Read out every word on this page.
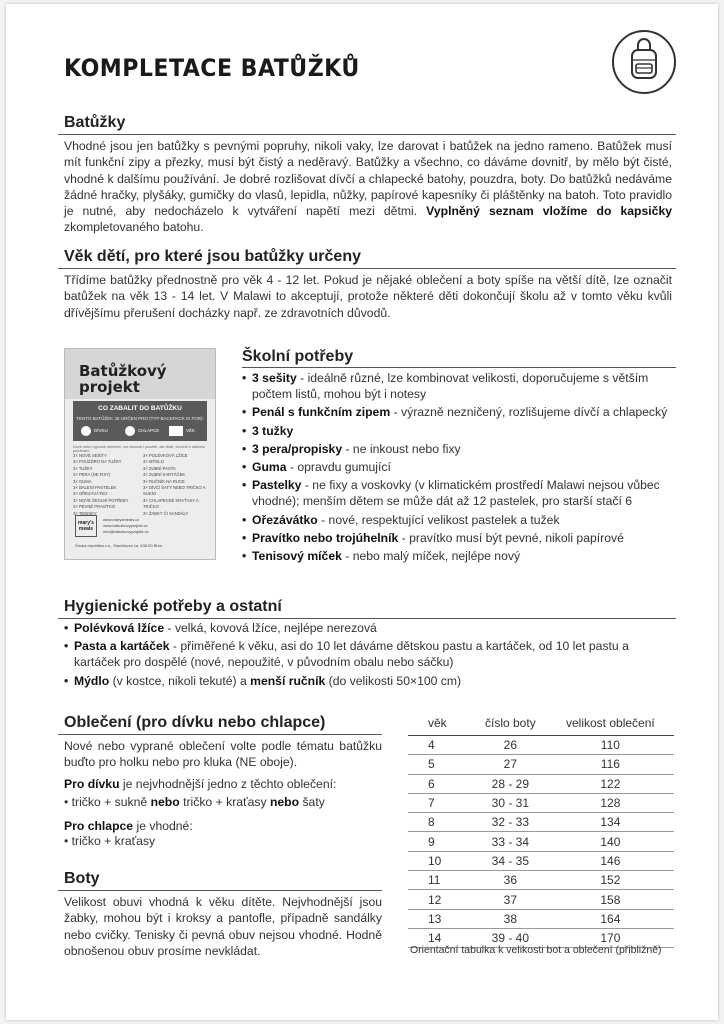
KOMPLETACE BATŮŽKŮ
Batůžky

Vhodné jsou jen batůžky s pevnými popruhy, nikoli vaky, lze darovat i batůžek na jedno rameno. Batůžek musí mít funkční zipy a přezky, musí být čistý a neděravý. Batůžky a všechno, co dáváme dovnitř, by mělo být čisté, vhodné k dalšímu používání. Je dobré rozlišovat dívčí a chlapecké batohy, pouzdra, boty. Do batůžků nedáváme žádné hračky, plyšáky, gumičky do vlasů, lepidla, nůžky, papírové kapesníky či pláštěnky na batoh. Toto pravidlo je nutné, aby nedocházelo k vytváření napětí mezi dětmi. Vyplněný seznam vložíme do kapsičky zkompletovaného batohu.

Věk dětí, pro které jsou batůžky určeny

Třídíme batůžky přednostně pro věk 4 - 12 let. Pokud je nějaké oblečení a boty spíše na větší dítě, lze označit batůžek na věk 13 - 14 let. V Malawi to akceptují, protože některé děti dokončují školu až v tomto věku kvůli dřívějšímu přerušení docházky např. ze zdravotních důvodů.

Batůžkový
projekt
CO ZABALIT DO BATŮŽKU
TENTO BATŮŽEK JE URČEN PRO (TYP BACKPACK IS FOR):
DÍVKU	CHLAPCE	VĚK
Nové nebo vyprané oblečení, lze darovat i použité, ale čisté, vhodné k dalšímu používání.
3× NOVÉ SEŠITY
3× POUZDRO NA TUŽKY
3× TUŽKY
3× PERA (NE FIXY)
3× GUMA
3× BALENÍ PASTELEK
3× OŘEZÁVÁTKO
3× NOVÉ ŠKOLNÍ POTŘEBY
3× PEVNÉ PRAVÍTKO
3× TENISKY
3× POLÉVKOVÁ LŽÍCE
3× MÝDLO
3× ZUBNÍ PASTA
3× ZUBNÍ KARTÁČEK
3× RUČNÍK NA RUCE
3× DÍVČÍ ŠATY NEBO TRIČKO A SUKNI
3× CHLAPECKÉ KRAŤASY A TRIČKO
3× ŽABKY ČI SANDÁLY
mary's meals
www.marysmeals.cz
www.batuzkovyprojekt.cz
info@batuzkovyprojekt.cz
Česká republika z.s., Slavíčkova 1a, 638 00 Brno
Školní potřeby
• 3 sešity - ideálně různé, lze kombinovat velikosti, doporučujeme s větším počtem listů, mohou být i notesy
• Penál s funkčním zipem - výrazně nezničený, rozlišujeme dívčí a chlapecký
• 3 tužky
• 3 pera/propisky - ne inkoust nebo fixy
• Guma - opravdu gumující
• Pastelky - ne fixy a voskovky (v klimatickém prostředí Malawi nejsou vůbec vhodné); menším dětem se může dát až 12 pastelek, pro starší stačí 6
• Ořezávátko - nové, respektující velikost pastelek a tužek
• Pravítko nebo trojúhelník - pravítko musí být pevné, nikoli papírové
• Tenisový míček - nebo malý míček, nejlépe nový
Hygienické potřeby a ostatní
• Polévková lžíce - velká, kovová lžíce, nejlépe nerezová
• Pasta a kartáček - přiměřené k věku, asi do 10 let dáváme dětskou pastu a kartáček, od 10 let pastu a kartáček pro dospělé (nové, nepoužité, v původním obalu nebo sáčku)
• Mýdlo (v kostce, nikoli tekuté) a menší ručník (do velikosti 50×100 cm)
Oblečení (pro dívku nebo chlapce)

Nové nebo vyprané oblečení volte podle tématu batůžku buďto pro holku nebo pro kluka (NE oboje).

Pro dívku je nejvhodnější jedno z těchto oblečení:

• tričko + sukně nebo tričko + kraťasy nebo šaty

Pro chlapce je vhodné:

• tričko + kraťasy

Boty

Velikost obuvi vhodná k věku dítěte. Nejvhodnější jsou žabky, mohou být i kroksy a pantofle, případně sandálky nebo cvičky. Tenisky či pevná obuv nejsou vhodné. Hodně obnošenou obuv prosíme nevkládat.

věk	číslo boty	velikost oblečení
4	26	110
5	27	116
6	28 - 29	122
7	30 - 31	128
8	32 - 33	134
9	33 - 34	140
10	34 - 35	146
11	36	152
12	37	158
13	38	164
14	39 - 40	170
Orientační tabulka k velikosti bot a oblečení (přibližně)
